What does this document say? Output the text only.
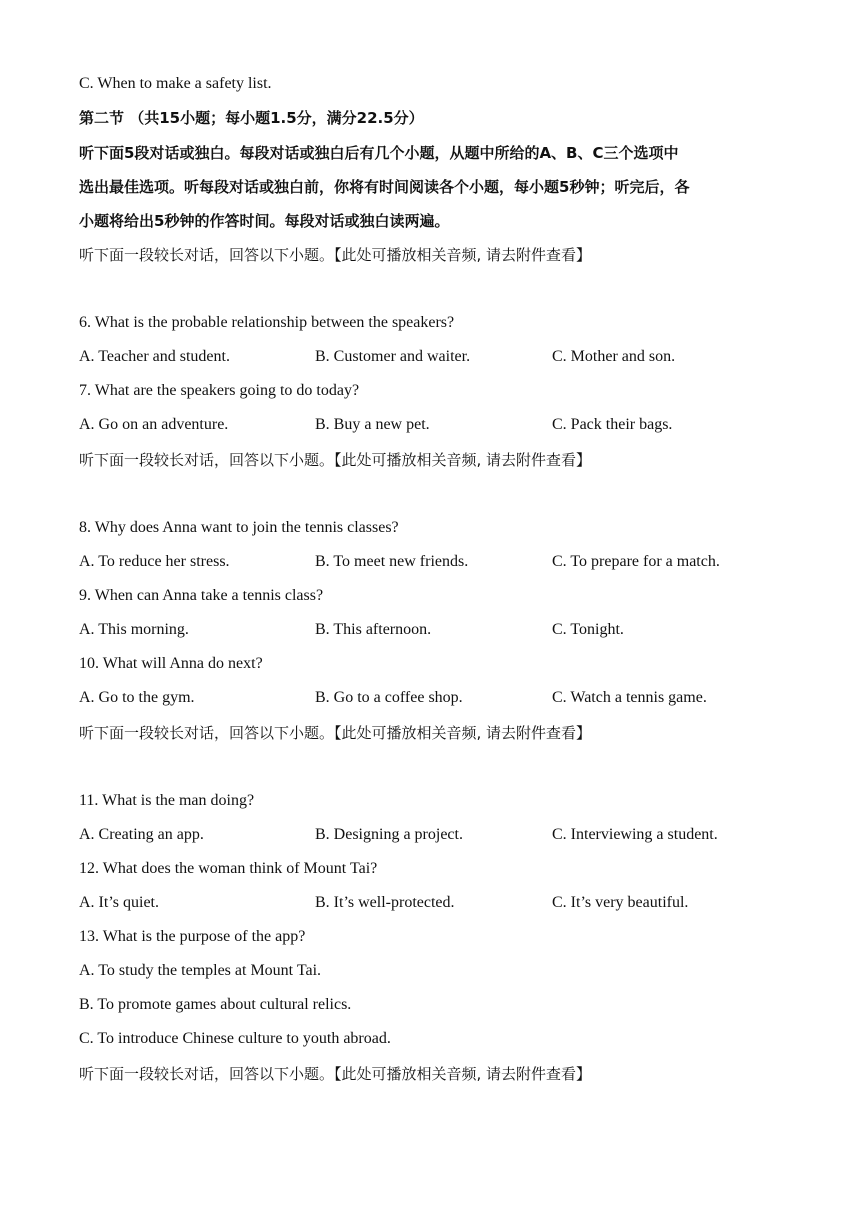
C. When to make a safety list.
第二节 （共15小题；每小题1.5分，满分22.5分）
听下面5段对话或独白。每段对话或独白后有几个小题，从题中所给的A、B、C三个选项中
选出最佳选项。听每段对话或独白前，你将有时间阅读各个小题，每小题5秒钟；听完后，各
小题将给出5秒钟的作答时间。每段对话或独白读两遍。
听下面一段较长对话，回答以下小题。【此处可播放相关音频, 请去附件查看】
6. What is the probable relationship between the speakers?
A. Teacher and student.	B. Customer and waiter.	C. Mother and son.
7. What are the speakers going to do today?
A. Go on an adventure.	B. Buy a new pet.	C. Pack their bags.
听下面一段较长对话，回答以下小题。【此处可播放相关音频, 请去附件查看】
8. Why does Anna want to join the tennis classes?
A. To reduce her stress.	B. To meet new friends.	C. To prepare for a match.
9. When can Anna take a tennis class?
A. This morning.	B. This afternoon.	C. Tonight.
10. What will Anna do next?
A. Go to the gym.	B. Go to a coffee shop.	C. Watch a tennis game.
听下面一段较长对话，回答以下小题。【此处可播放相关音频, 请去附件查看】
11. What is the man doing?
A. Creating an app.	B. Designing a project.	C. Interviewing a student.
12. What does the woman think of Mount Tai?
A. It’s quiet.	B. It’s well-protected.	C. It’s very beautiful.
13. What is the purpose of the app?
A. To study the temples at Mount Tai.
B. To promote games about cultural relics.
C. To introduce Chinese culture to youth abroad.
听下面一段较长对话，回答以下小题。【此处可播放相关音频, 请去附件查看】
